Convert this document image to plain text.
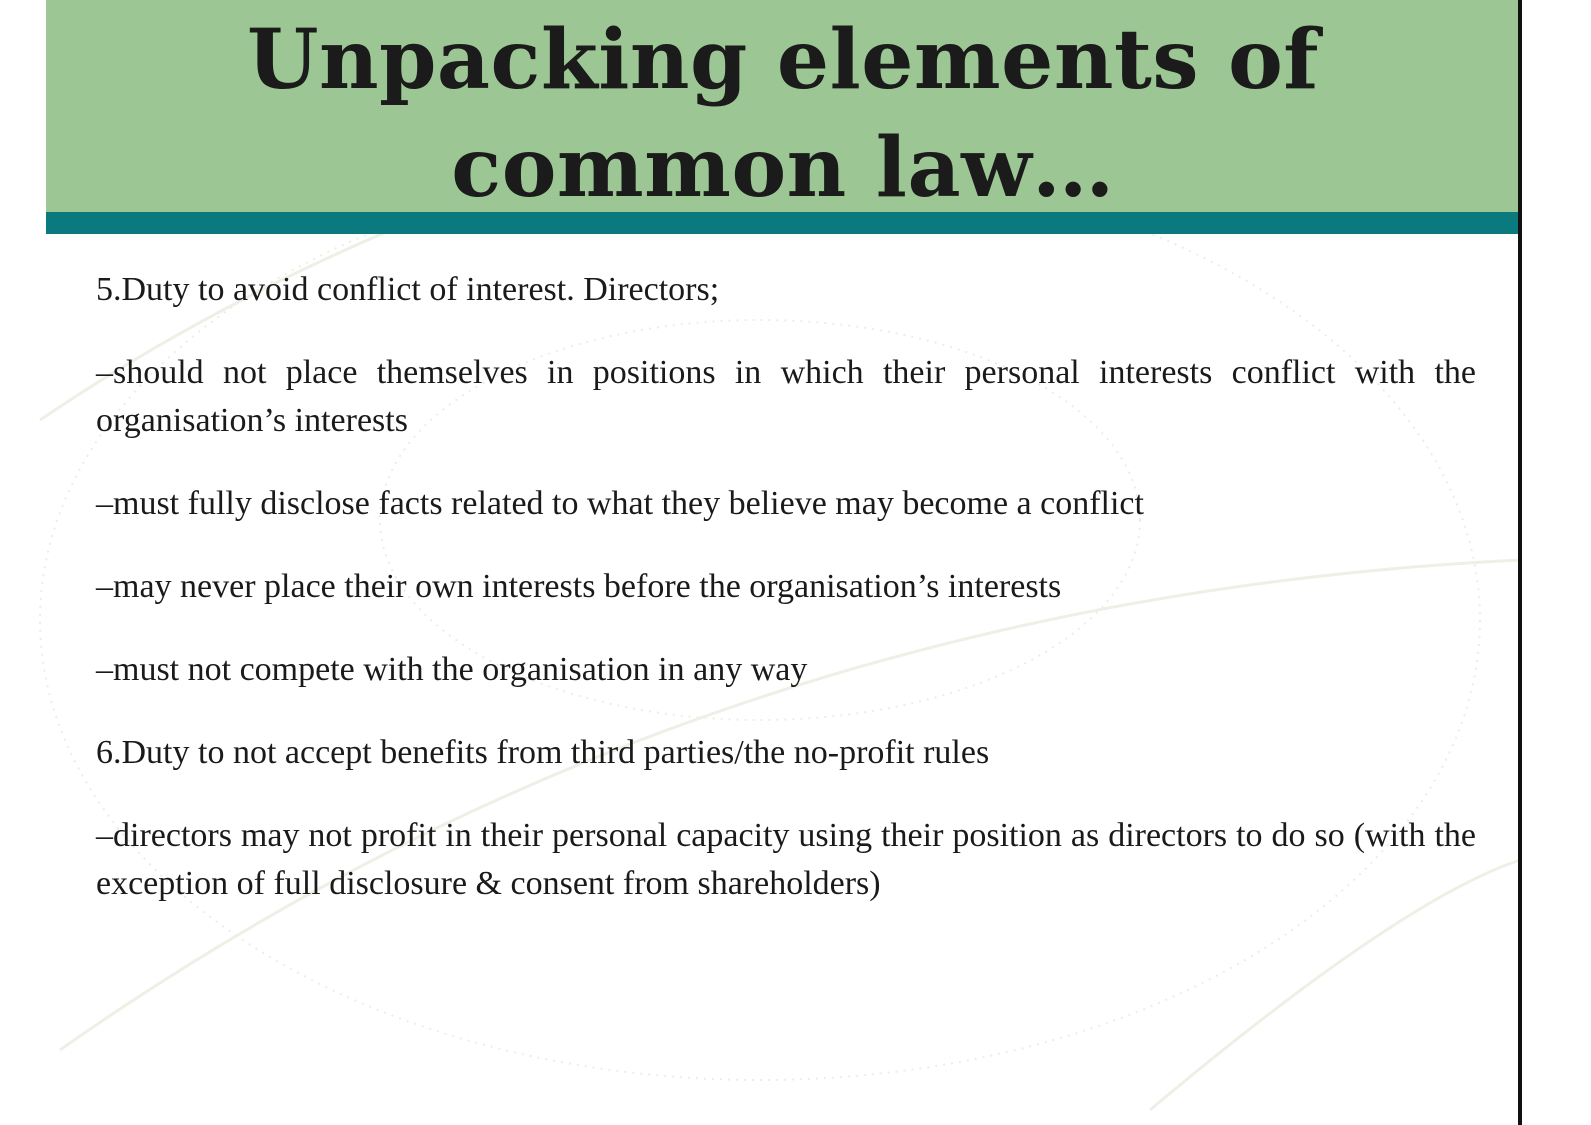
Unpacking elements of
common law…

5.Duty to avoid conflict of interest. Directors;

–should not place themselves in positions in which their personal interests conflict with the organisation’s interests

–must fully disclose facts related to what they believe may become a conflict

–may never place their own interests before the organisation’s interests

–must not compete with the organisation in any way

6.Duty to not accept benefits from third parties/the no-profit rules

–directors may not profit in their personal capacity using their position as directors to do so (with the exception of full disclosure & consent from shareholders)
